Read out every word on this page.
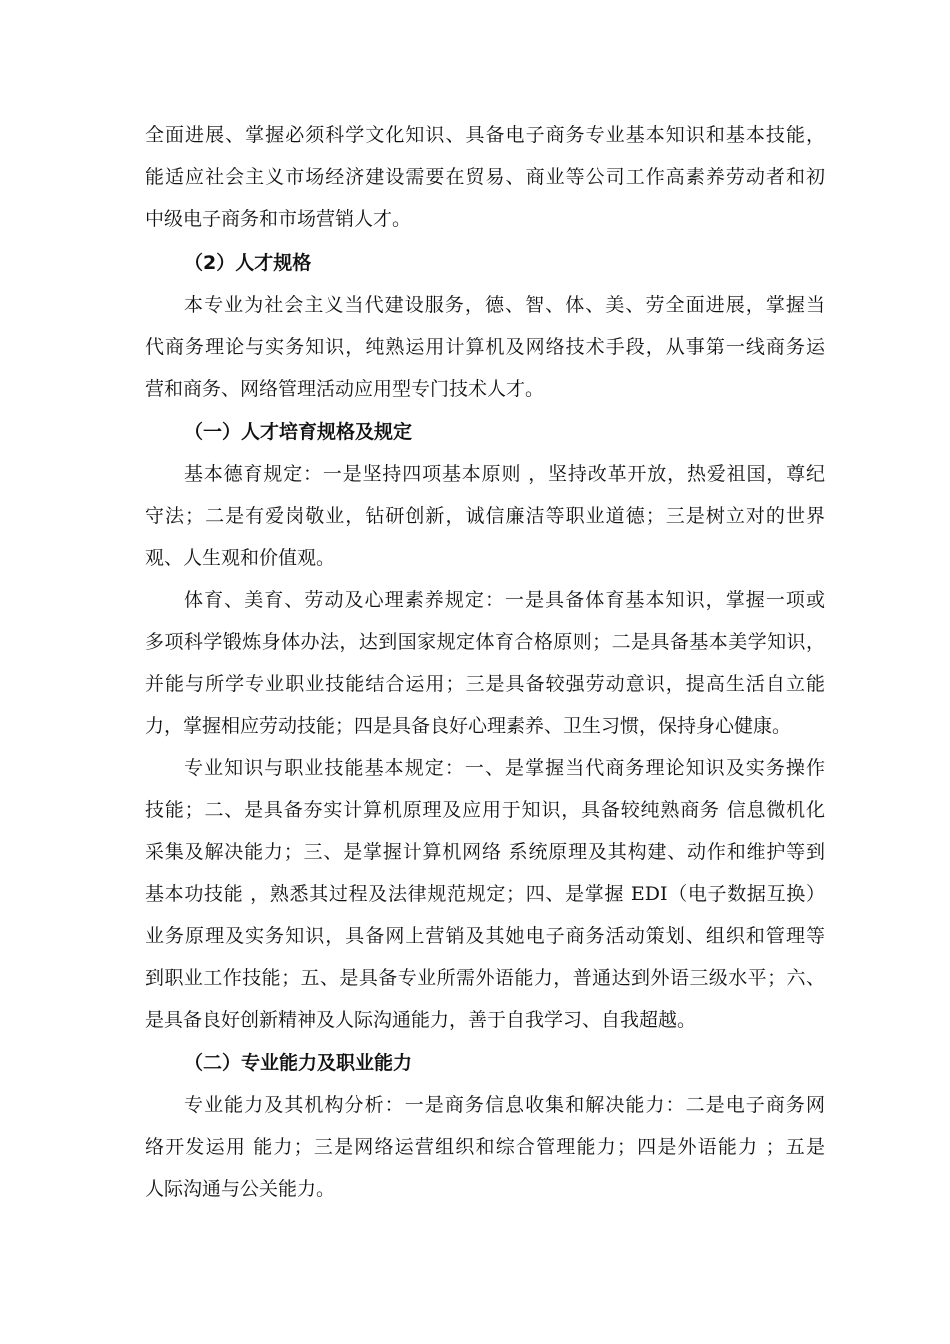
全面进展、掌握必须科学文化知识、具备电子商务专业基本知识和基本技能，
能适应社会主义市场经济建设需要在贸易、商业等公司工作高素养劳动者和初
中级电子商务和市场营销人才。
（2）人才规格
本专业为社会主义当代建设服务，德、智、体、美、劳全面进展，掌握当
代商务理论与实务知识，纯熟运用计算机及网络技术手段，从事第一线商务运
营和商务、网络管理活动应用型专门技术人才。
（一）人才培育规格及规定
基本德育规定：一是坚持四项基本原则 ，坚持改革开放，热爱祖国，尊纪
守法；二是有爱岗敬业，钻研创新，诚信廉洁等职业道德；三是树立对的世界
观、人生观和价值观。
体育、美育、劳动及心理素养规定：一是具备体育基本知识，掌握一项或
多项科学锻炼身体办法，达到国家规定体育合格原则；二是具备基本美学知识，
并能与所学专业职业技能结合运用；三是具备较强劳动意识，提高生活自立能
力，掌握相应劳动技能；四是具备良好心理素养、卫生习惯，保持身心健康。
专业知识与职业技能基本规定：一、是掌握当代商务理论知识及实务操作
技能；二、是具备夯实计算机原理及应用于知识，具备较纯熟商务 信息微机化
采集及解决能力；三、是掌握计算机网络 系统原理及其构建、动作和维护等到
基本功技能 ，熟悉其过程及法律规范规定；四、是掌握 EDI（电子数据互换）
业务原理及实务知识，具备网上营销及其她电子商务活动策划、组织和管理等
到职业工作技能；五、是具备专业所需外语能力，普通达到外语三级水平；六、
是具备良好创新精神及人际沟通能力，善于自我学习、自我超越。
（二）专业能力及职业能力
专业能力及其机构分析：一是商务信息收集和解决能力：二是电子商务网
络开发运用 能力；三是网络运营组织和综合管理能力；四是外语能力 ；五是
人际沟通与公关能力。
